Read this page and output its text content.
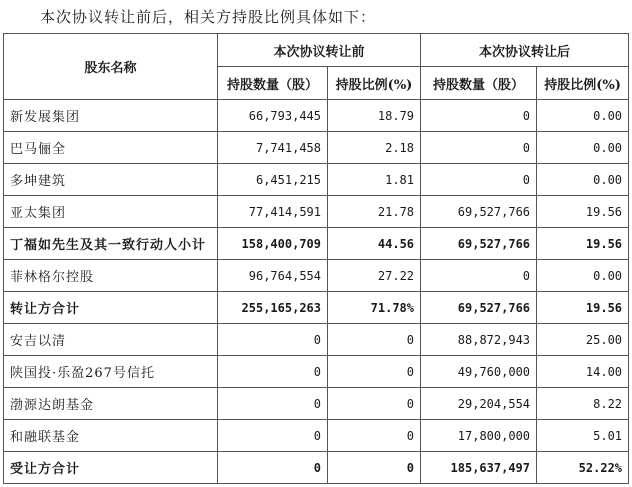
本次协议转让前后，相关方持股比例具体如下：
股东名称	本次协议转让前		本次协议转让后	
	持股数量（股）	持股比例(%)	持股数量（股）	持股比例(%)
新发展集团	66,793,445	18.79	0	0.00
巴马俪全	7,741,458	2.18	0	0.00
多坤建筑	6,451,215	1.81	0	0.00
亚太集团	77,414,591	21.78	69,527,766	19.56
丁福如先生及其一致行动人小计	158,400,709	44.56	69,527,766	19.56
菲林格尔控股	96,764,554	27.22	0	0.00
转让方合计	255,165,263	71.78%	69,527,766	19.56
安吉以清	0	0	88,872,943	25.00
陕国投·乐盈267号信托	0	0	49,760,000	14.00
渤源达朗基金	0	0	29,204,554	8.22
和融联基金	0	0	17,800,000	5.01
受让方合计	0	0	185,637,497	52.22%
